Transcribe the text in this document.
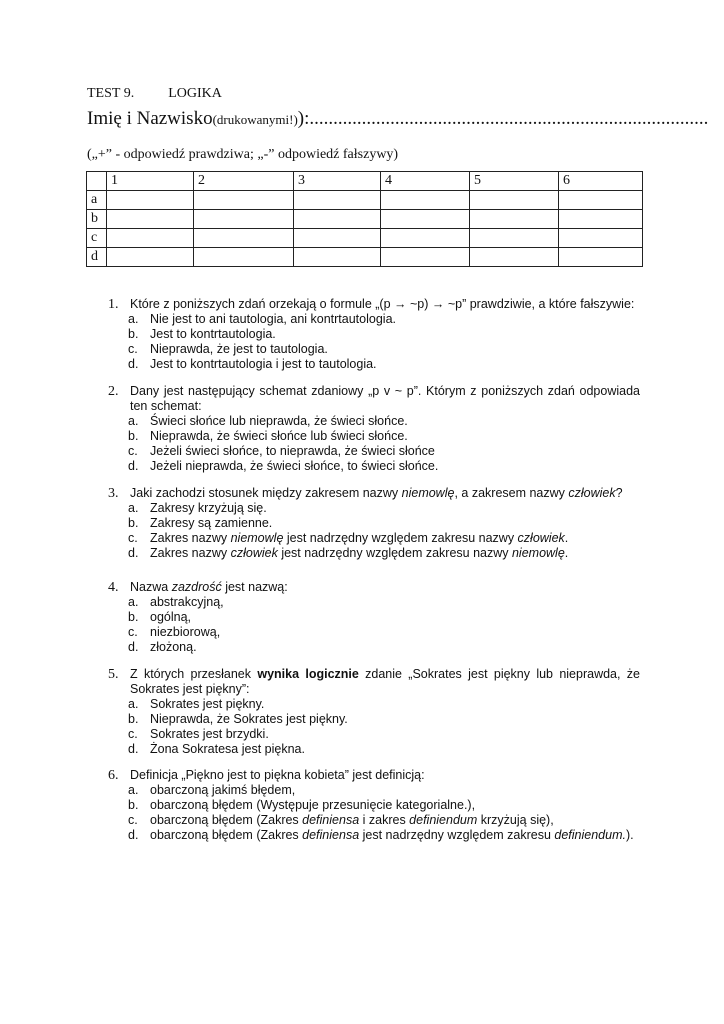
TEST 9. LOGIKA
Imię i Nazwisko(drukowanymi!)):....................................................................................
(„+” - odpowiedź prawdziwa; „-” odpowiedź fałszywy)
	1	2	3	4	5	6
a						
b						
c						
d						
1. Które z poniższych zdań orzekają o formule „(p → ~p) → ~p” prawdziwie, a które fałszywie:
a. Nie jest to ani tautologia, ani kontrtautologia.
b. Jest to kontrtautologia.
c. Nieprawda, że jest to tautologia.
d. Jest to kontrtautologia i jest to tautologia.
2. Dany jest następujący schemat zdaniowy „p v ~ p”. Którym z poniższych zdań odpowiada ten schemat:
a. Świeci słońce lub nieprawda, że świeci słońce.
b. Nieprawda, że świeci słońce lub świeci słońce.
c. Jeżeli świeci słońce, to nieprawda, że świeci słońce
d. Jeżeli nieprawda, że świeci słońce, to świeci słońce.
3. Jaki zachodzi stosunek między zakresem nazwy niemowlę, a zakresem nazwy człowiek?
a. Zakresy krzyżują się.
b. Zakresy są zamienne.
c. Zakres nazwy niemowlę jest nadrzędny względem zakresu nazwy człowiek.
d. Zakres nazwy człowiek jest nadrzędny względem zakresu nazwy niemowlę.
4. Nazwa zazdrość jest nazwą:
a. abstrakcyjną,
b. ogólną,
c. niezbiorową,
d. złożoną.
5. Z których przesłanek wynika logicznie zdanie „Sokrates jest piękny lub nieprawda, że Sokrates jest piękny”:
a. Sokrates jest piękny.
b. Nieprawda, że Sokrates jest piękny.
c. Sokrates jest brzydki.
d. Żona Sokratesa jest piękna.
6. Definicja „Piękno jest to piękna kobieta” jest definicją:
a. obarczoną jakimś błędem,
b. obarczoną błędem (Występuje przesunięcie kategorialne.),
c. obarczoną błędem (Zakres definiensa i zakres definiendum krzyżują się),
d. obarczoną błędem (Zakres definiensa jest nadrzędny względem zakresu definiendum.).
